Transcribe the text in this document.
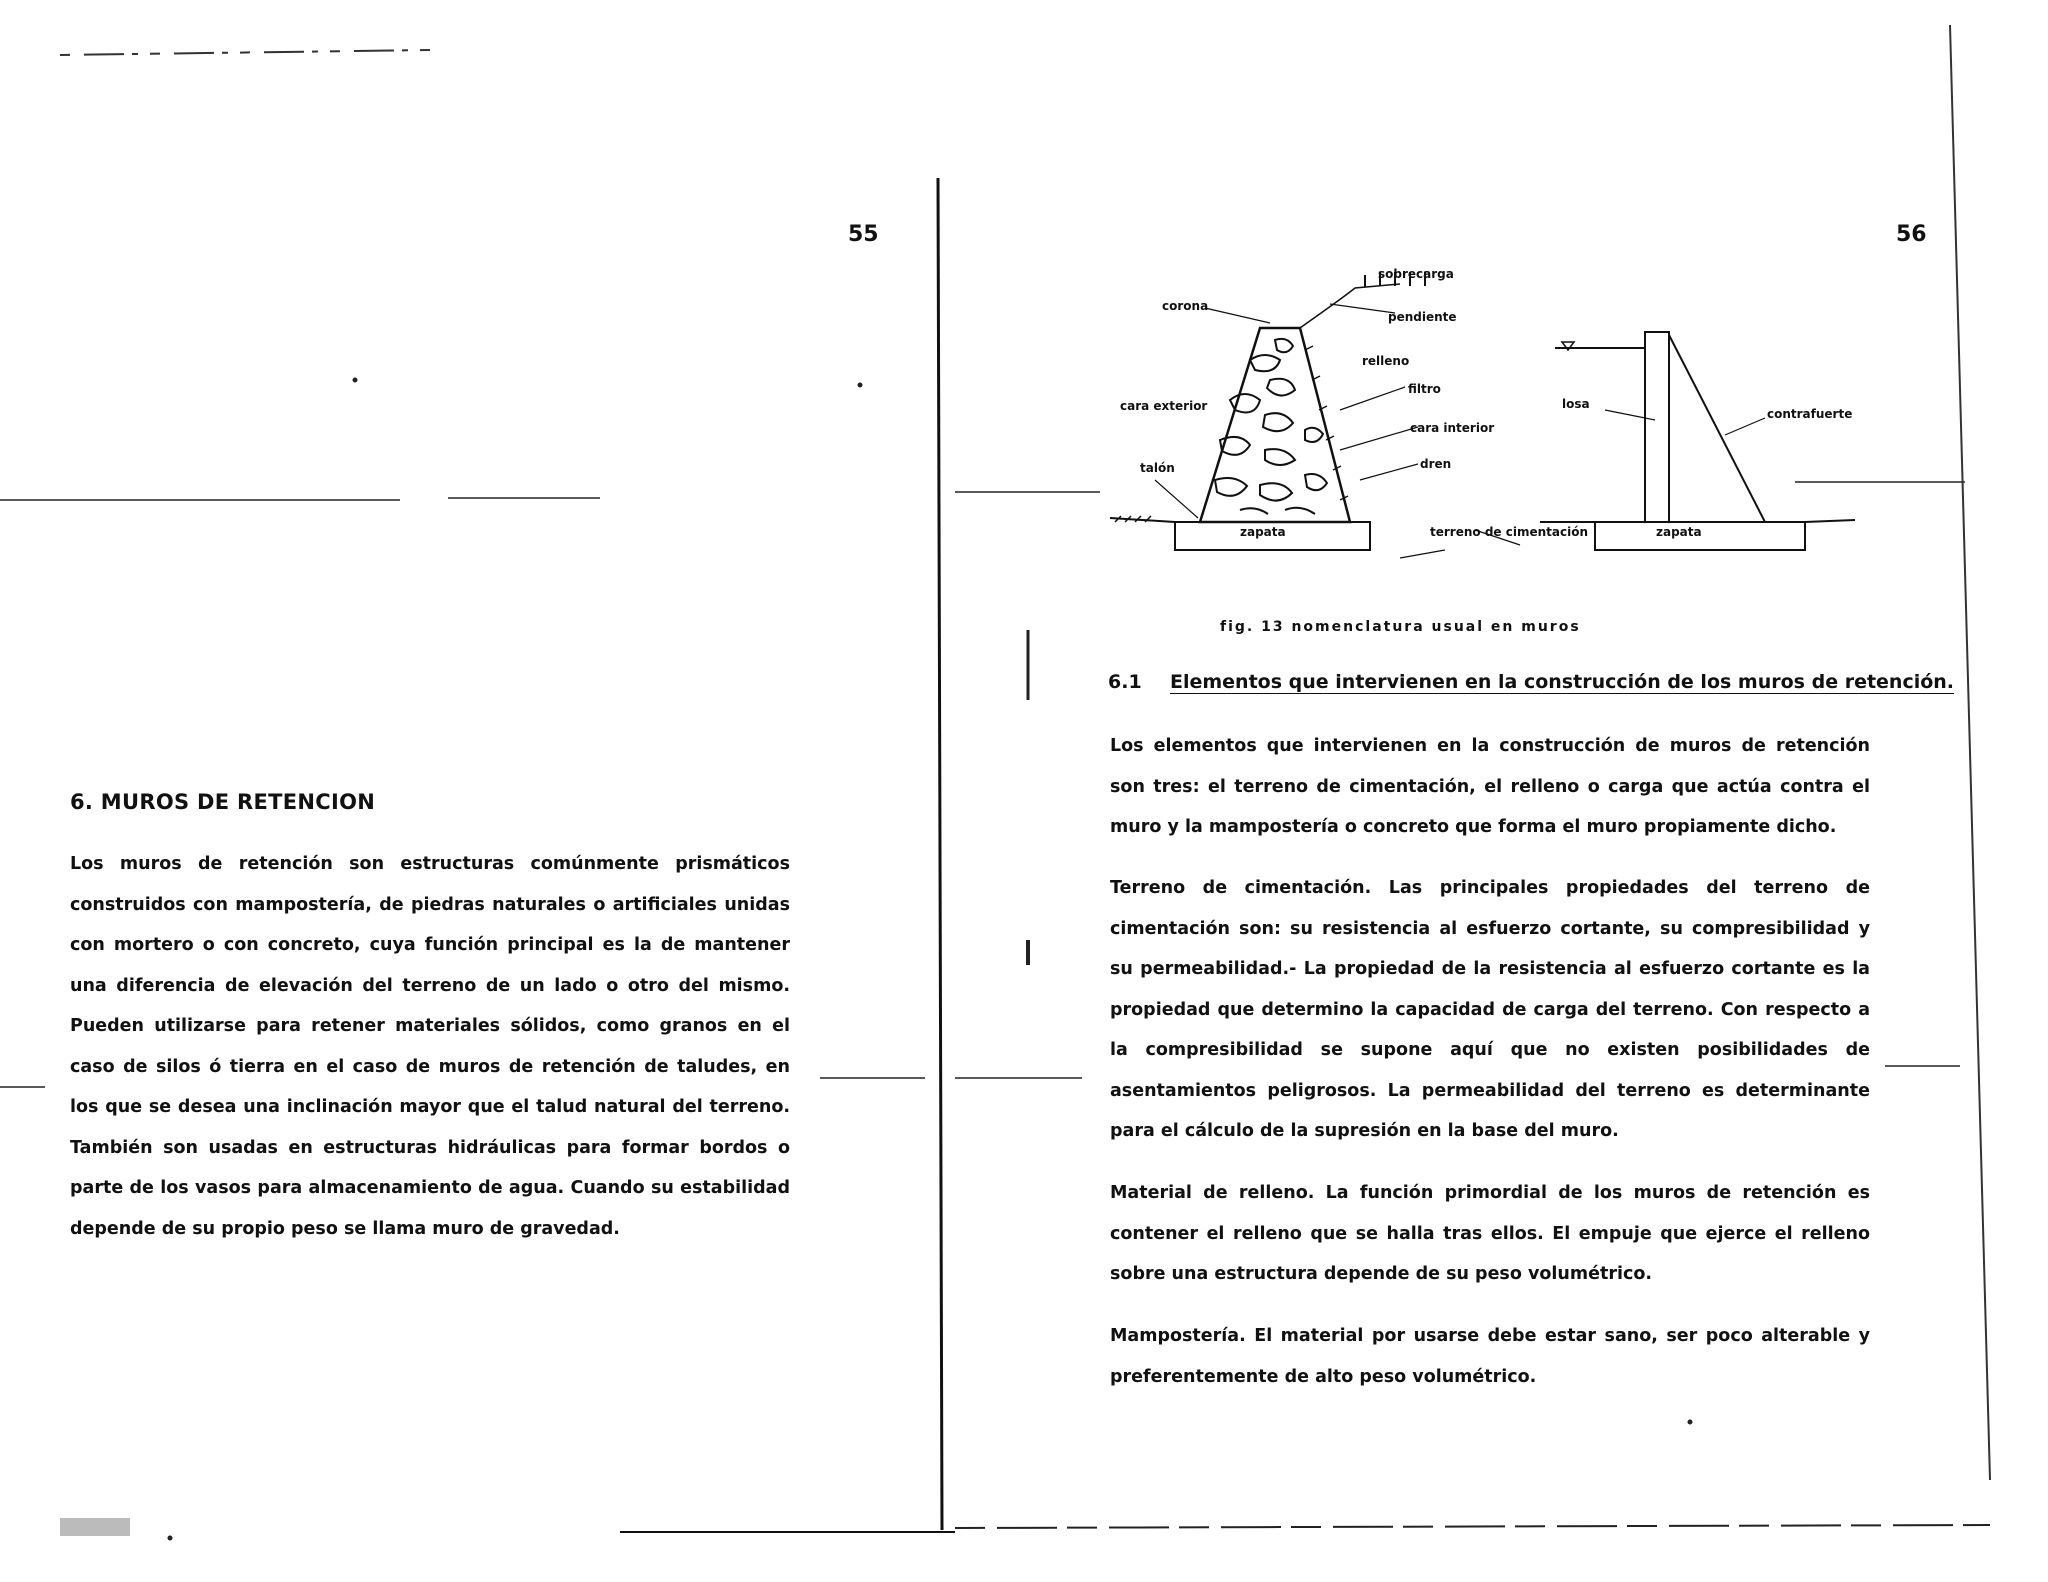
55
6. MUROS DE RETENCION

Los muros de retención son estructuras comúnmente prismáticos construidos con mampostería, de piedras naturales o artificiales unidas con mortero o con concreto, cuya función principal es la de mantener una diferencia de elevación del terreno de un lado o otro del mismo. Pueden utilizarse para retener materiales sólidos, como granos en el caso de silos ó tierra en el caso de muros de retención de taludes, en los que se desea una inclinación mayor que el talud natural del terreno. También son usadas en estructuras hidráulicas para formar bordos o parte de los vasos para almacenamiento de agua. Cuando su estabilidad depende de su propio peso se llama muro de gravedad.

56
sobrecarga
corona
pendiente
relleno
filtro
cara exterior
cara interior
dren
talón
zapata	terreno de cimentación
losa
contrafuerte
zapata
fig. 13 nomenclatura usual en muros
6.1 Elementos que intervienen en la construcción de los muros de retención.

Los elementos que intervienen en la construcción de muros de retención son tres: el terreno de cimentación, el relleno o carga que actúa contra el muro y la mampostería o concreto que forma el muro propiamente dicho.

Terreno de cimentación. Las principales propiedades del terreno de cimentación son: su resistencia al esfuerzo cortante, su compresibilidad y su permeabilidad.- La propiedad de la resistencia al esfuerzo cortante es la propiedad que determino la capacidad de carga del terreno. Con respecto a la compresibilidad se supone aquí que no existen posibilidades de asentamientos peligrosos. La permeabilidad del terreno es determinante para el cálculo de la supresión en la base del muro.

Material de relleno. La función primordial de los muros de retención es contener el relleno que se halla tras ellos. El empuje que ejerce el relleno sobre una estructura depende de su peso volumétrico.

Mampostería. El material por usarse debe estar sano, ser poco alterable y preferentemente de alto peso volumétrico.
